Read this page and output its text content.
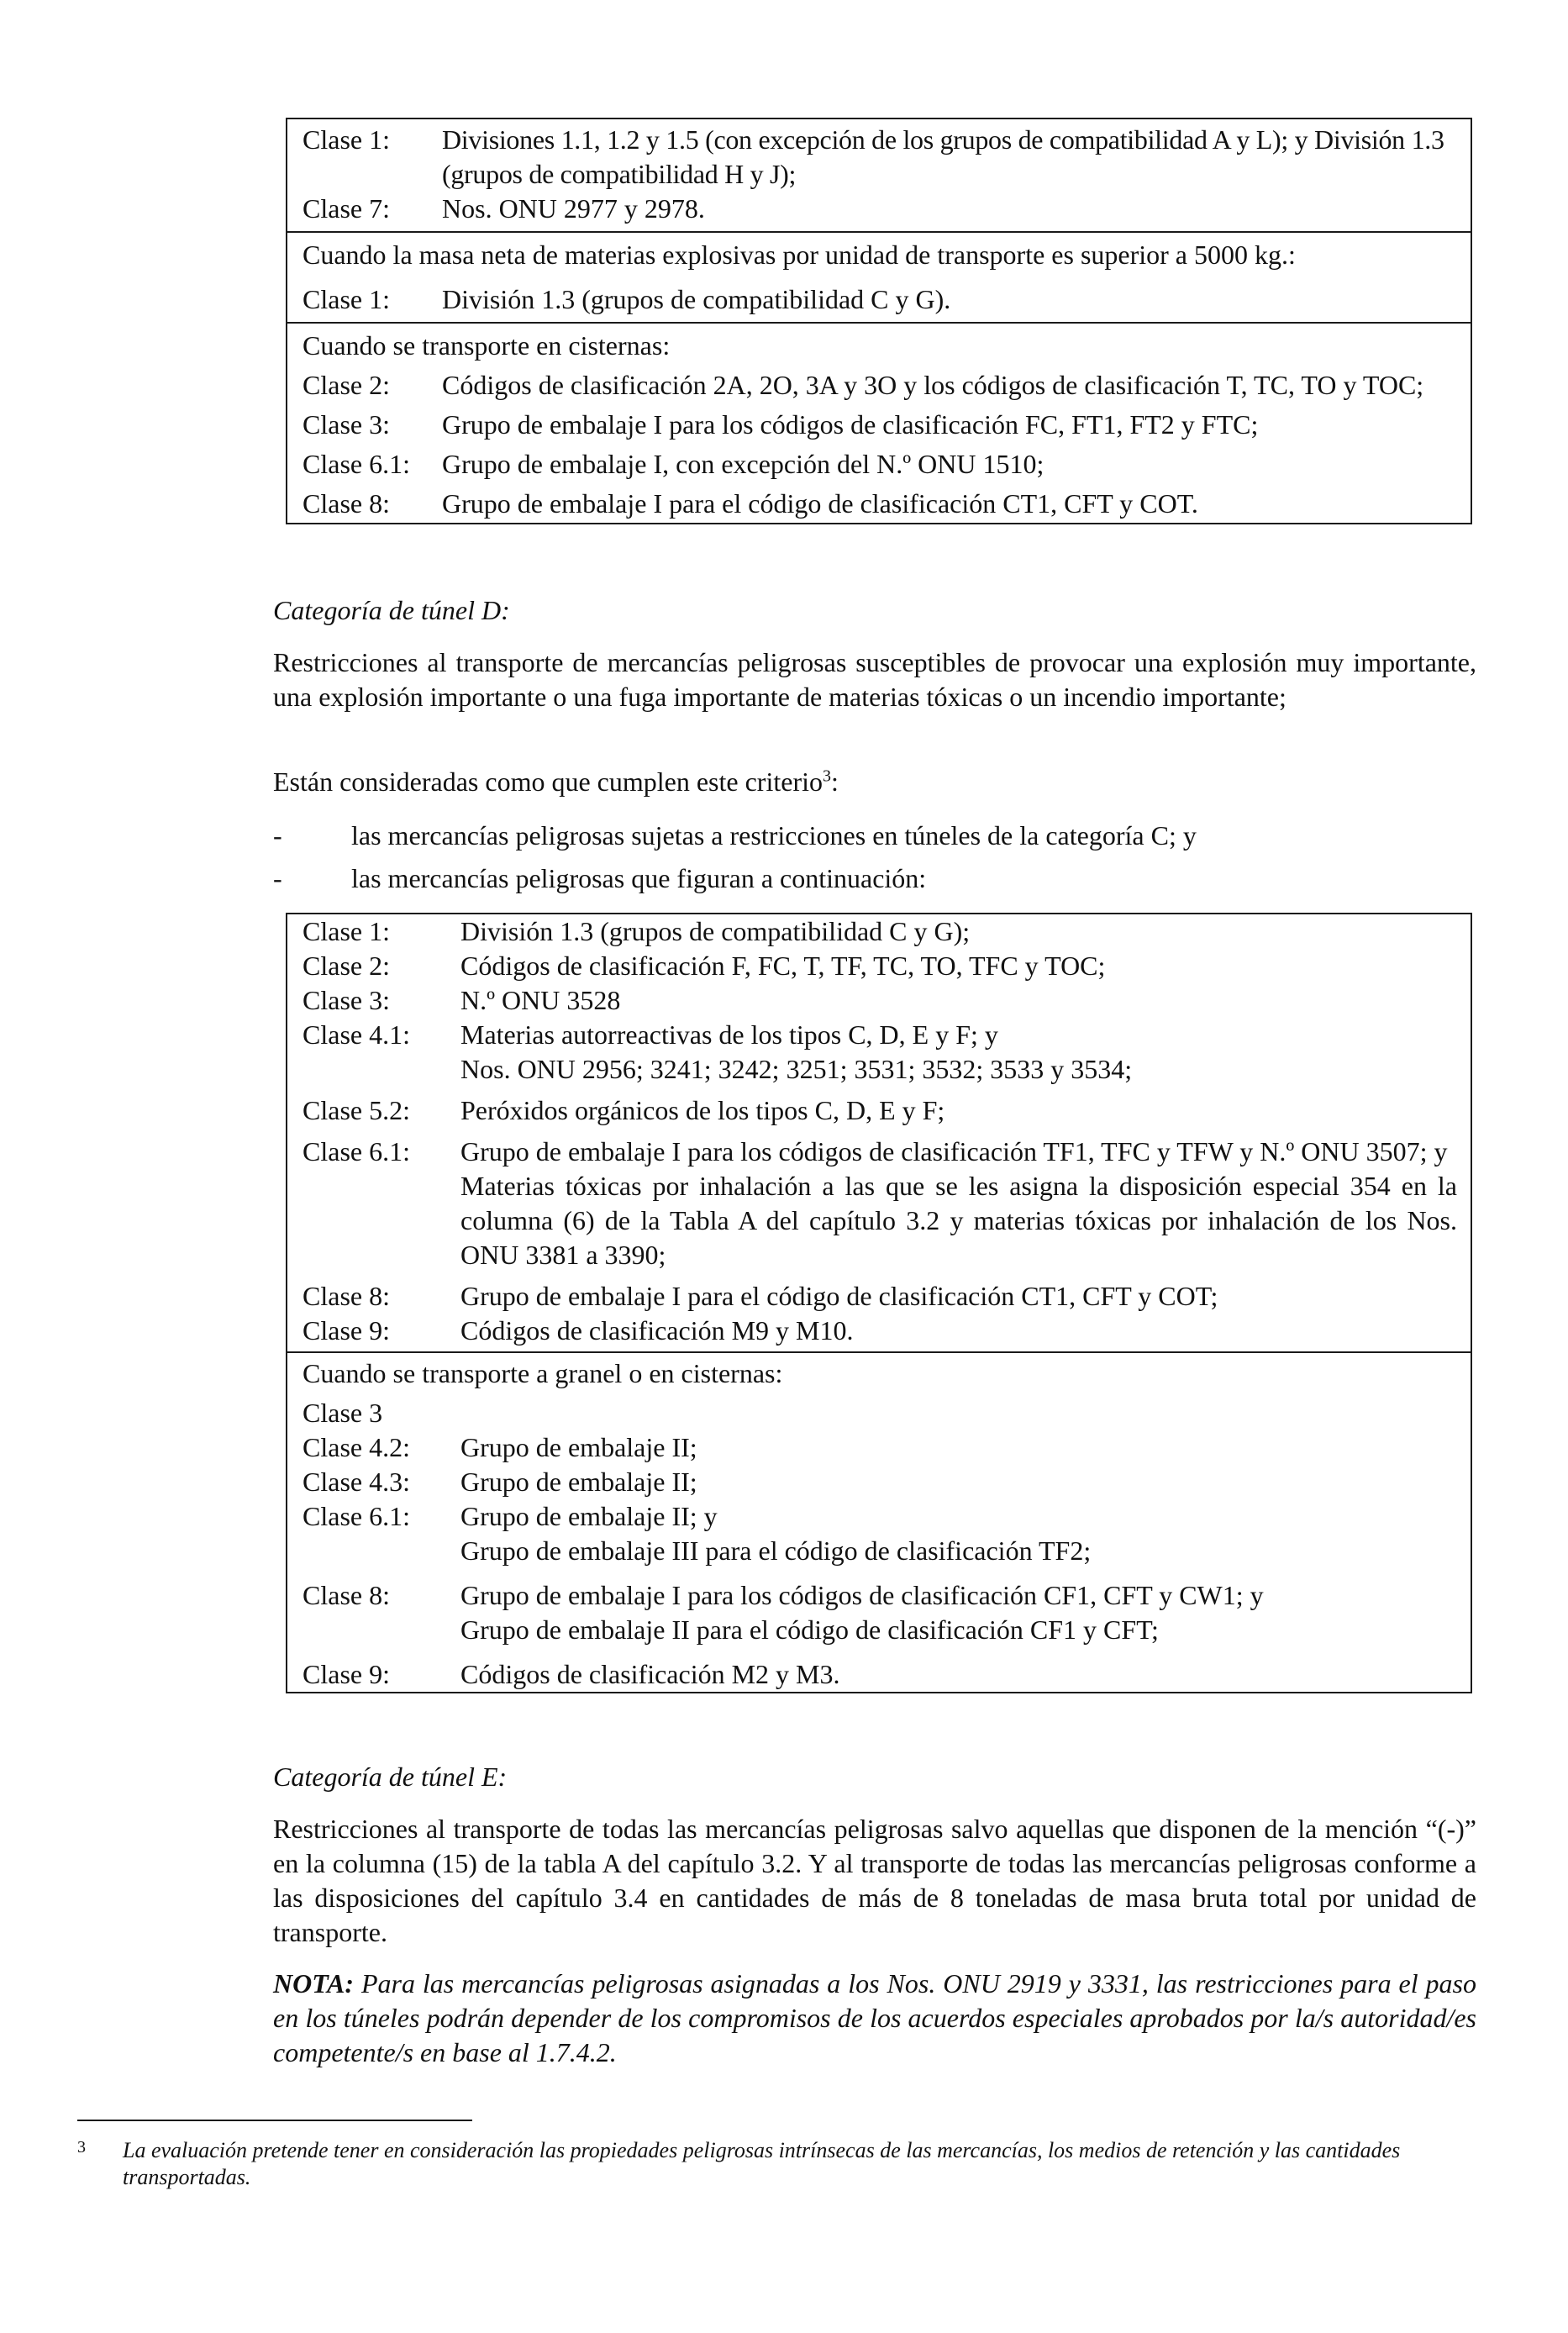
Clase 1: Divisiones 1.1, 1.2 y 1.5 (con excepción de los grupos de compatibilidad A y L); y División 1.3 (grupos de compatibilidad H y J);
Clase 7: Nos. ONU 2977 y 2978.
Cuando la masa neta de materias explosivas por unidad de transporte es superior a 5000 kg.:
Clase 1: División 1.3 (grupos de compatibilidad C y G).
Cuando se transporte en cisternas:
Clase 2: Códigos de clasificación 2A, 2O, 3A y 3O y los códigos de clasificación T, TC, TO y TOC;
Clase 3: Grupo de embalaje I para los códigos de clasificación FC, FT1, FT2 y FTC;
Clase 6.1: Grupo de embalaje I, con excepción del N.º ONU 1510;
Clase 8: Grupo de embalaje I para el código de clasificación CT1, CFT y COT.
Categoría de túnel D:
Restricciones al transporte de mercancías peligrosas susceptibles de provocar una explosión muy importante, una explosión importante o una fuga importante de materias tóxicas o un incendio importante;
Están consideradas como que cumplen este criterio$^3$:
-	las mercancías peligrosas sujetas a restricciones en túneles de la categoría C; y
-	las mercancías peligrosas que figuran a continuación:
Clase 1:	División 1.3 (grupos de compatibilidad C y G);
Clase 2:	Códigos de clasificación F, FC, T, TF, TC, TO, TFC y TOC;
Clase 3:	N.º ONU 3528
Clase 4.1: Materias autorreactivas de los tipos C, D, E y F; y
Nos. ONU 2956; 3241; 3242; 3251; 3531; 3532; 3533 y 3534;
Clase 5.2: Peróxidos orgánicos de los tipos C, D, E y F;
Clase 6.1: Grupo de embalaje I para los códigos de clasificación TF1, TFC y TFW y N.º ONU 3507; y
Materias tóxicas por inhalación a las que se les asigna la disposición especial 354 en la columna (6) de la Tabla A del capítulo 3.2 y materias tóxicas por inhalación de los Nos. ONU 3381 a 3390;
Clase 8:	Grupo de embalaje I para el código de clasificación CT1, CFT y COT;
Clase 9:	Códigos de clasificación M9 y M10.
Cuando se transporte a granel o en cisternas:
Clase 3

Clase 4.2: Grupo de embalaje II;
Clase 4.3: Grupo de embalaje II;
Clase 6.1: Grupo de embalaje II; y
Grupo de embalaje III para el código de clasificación TF2;
Clase 8:	Grupo de embalaje I para los códigos de clasificación CF1, CFT y CW1; y
Grupo de embalaje II para el código de clasificación CF1 y CFT;
Clase 9:	Códigos de clasificación M2 y M3.
Categoría de túnel E:
Restricciones al transporte de todas las mercancías peligrosas salvo aquellas que disponen de la mención “(-)” en la columna (15) de la tabla A del capítulo 3.2. Y al transporte de todas las mercancías peligrosas conforme a las disposiciones del capítulo 3.4 en cantidades de más de 8 toneladas de masa bruta total por unidad de transporte.
NOTA: Para las mercancías peligrosas asignadas a los Nos. ONU 2919 y 3331, las restricciones para el paso en los túneles podrán depender de los compromisos de los acuerdos especiales aprobados por la/s autoridad/es competente/s en base al 1.7.4.2.
3	La evaluación pretende tener en consideración las propiedades peligrosas intrínsecas de las mercancías, los medios de retención y las cantidades transportadas.
